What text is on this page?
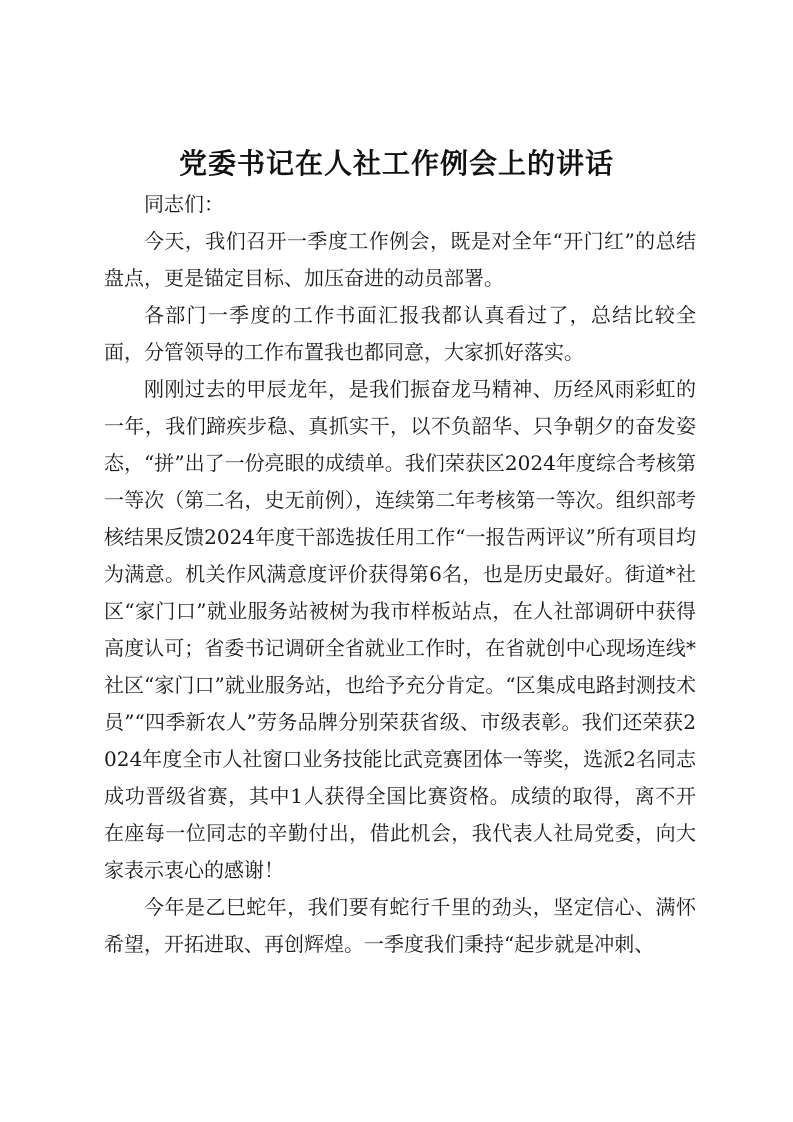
党委书记在人社工作例会上的讲话

同志们：

今天，我们召开一季度工作例会，既是对全年“开门红”的总结盘点，更是锚定目标、加压奋进的动员部署。

各部门一季度的工作书面汇报我都认真看过了，总结比较全面，分管领导的工作布置我也都同意，大家抓好落实。

刚刚过去的甲辰龙年，是我们振奋龙马精神、历经风雨彩虹的一年，我们蹄疾步稳、真抓实干，以不负韶华、只争朝夕的奋发姿态，“拼”出了一份亮眼的成绩单。我们荣获区2024年度综合考核第一等次（第二名，史无前例），连续第二年考核第一等次。组织部考核结果反馈2024年度干部选拔任用工作“一报告两评议”所有项目均为满意。机关作风满意度评价获得第6名，也是历史最好。街道*社区“家门口”就业服务站被树为我市样板站点，在人社部调研中获得高度认可；省委书记调研全省就业工作时，在省就创中心现场连线*社区“家门口”就业服务站，也给予充分肯定。“区集成电路封测技术员”“四季新农人”劳务品牌分别荣获省级、市级表彰。我们还荣获2024年度全市人社窗口业务技能比武竞赛团体一等奖，选派2名同志成功晋级省赛，其中1人获得全国比赛资格。成绩的取得，离不开在座每一位同志的辛勤付出，借此机会，我代表人社局党委，向大家表示衷心的感谢！

今年是乙巳蛇年，我们要有蛇行千里的劲头，坚定信心、满怀希望，开拓进取、再创辉煌。一季度我们秉持“起步就是冲刺、
